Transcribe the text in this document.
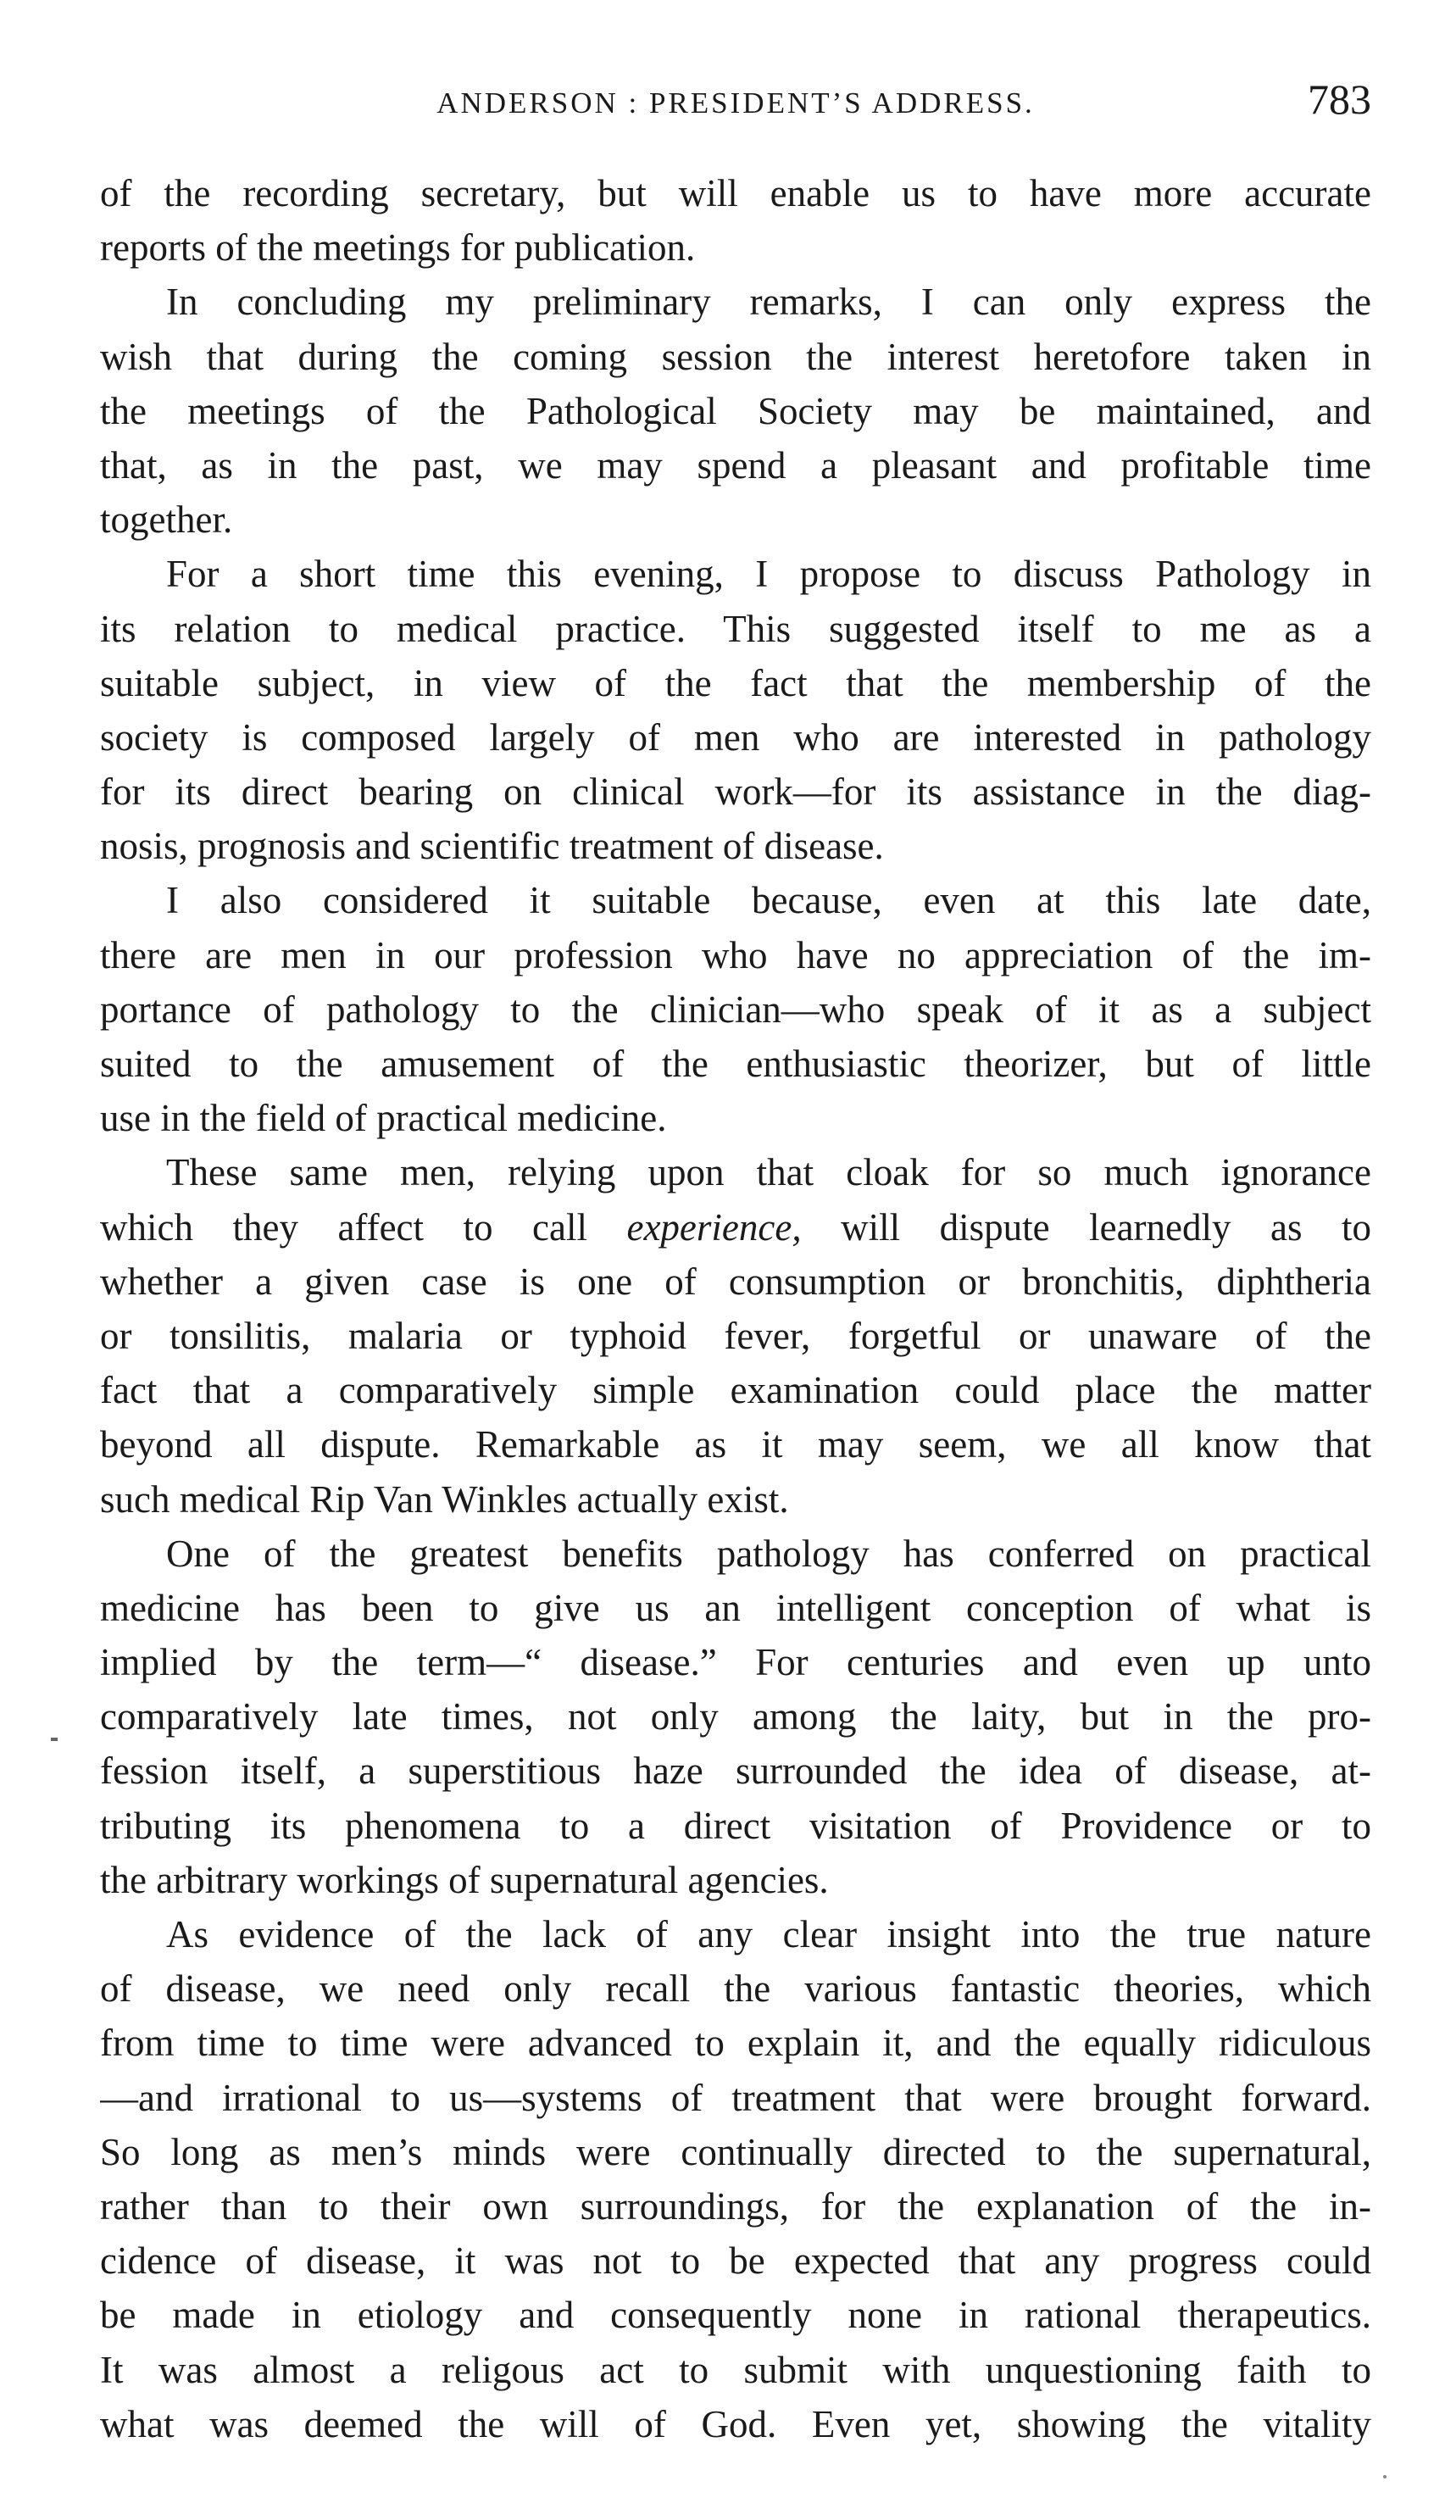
ANDERSON : PRESIDENT’S ADDRESS.	783
of the recording secretary, but will enable us to have more accurate
reports of the meetings for publication.
In concluding my preliminary remarks, I can only express the
wish that during the coming session the interest heretofore taken in
the meetings of the Pathological Society may be maintained, and
that, as in the past, we may spend a pleasant and profitable time
together.
For a short time this evening, I propose to discuss Pathology in
its relation to medical practice. This suggested itself to me as a
suitable subject, in view of the fact that the membership of the
society is composed largely of men who are interested in pathology
for its direct bearing on clinical work—for its assistance in the diag-
nosis, prognosis and scientific treatment of disease.
I also considered it suitable because, even at this late date,
there are men in our profession who have no appreciation of the im-
portance of pathology to the clinician—who speak of it as a subject
suited to the amusement of the enthusiastic theorizer, but of little
use in the field of practical medicine.
These same men, relying upon that cloak for so much ignorance
which they affect to call experience, will dispute learnedly as to
whether a given case is one of consumption or bronchitis, diphtheria
or tonsilitis, malaria or typhoid fever, forgetful or unaware of the
fact that a comparatively simple examination could place the matter
beyond all dispute. Remarkable as it may seem, we all know that
such medical Rip Van Winkles actually exist.
One of the greatest benefits pathology has conferred on practical
medicine has been to give us an intelligent conception of what is
implied by the term—“ disease.” For centuries and even up unto
comparatively late times, not only among the laity, but in the pro-
fession itself, a superstitious haze surrounded the idea of disease, at-
tributing its phenomena to a direct visitation of Providence or to
the arbitrary workings of supernatural agencies.
As evidence of the lack of any clear insight into the true nature
of disease, we need only recall the various fantastic theories, which
from time to time were advanced to explain it, and the equally ridiculous
—and irrational to us—systems of treatment that were brought forward.
So long as men’s minds were continually directed to the supernatural,
rather than to their own surroundings, for the explanation of the in-
cidence of disease, it was not to be expected that any progress could
be made in etiology and consequently none in rational therapeutics.
It was almost a religous act to submit with unquestioning faith to
what was deemed the will of God. Even yet, showing the vitality
